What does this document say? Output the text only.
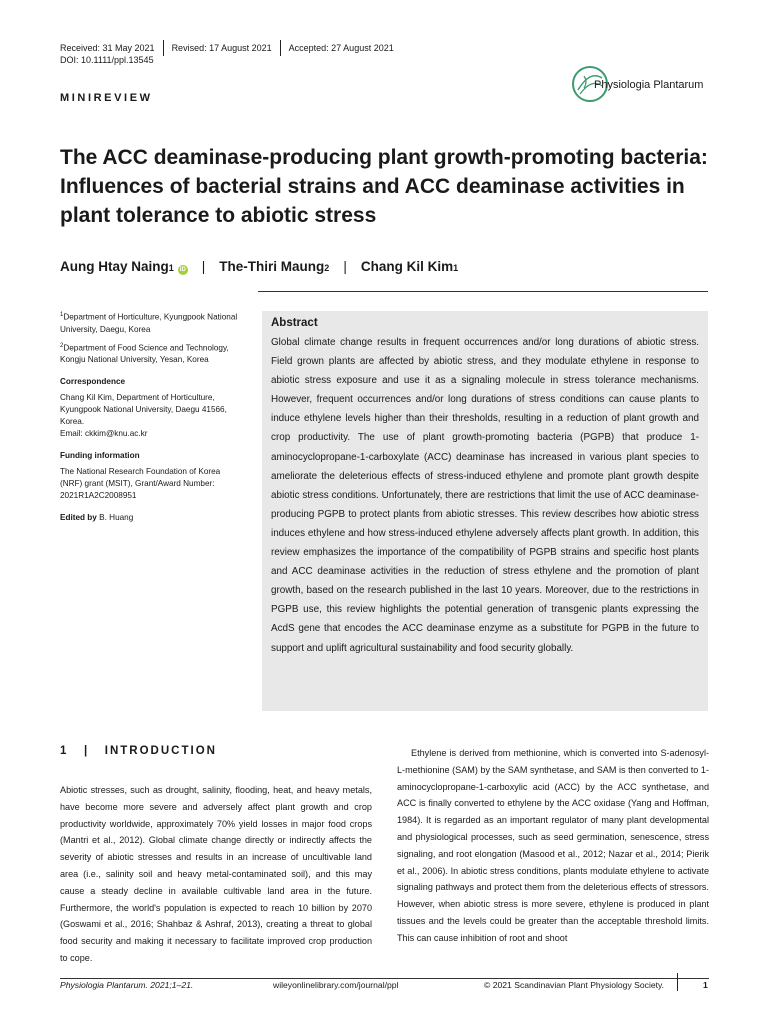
Received: 31 May 2021 Revised: 17 August 2021 Accepted: 27 August 2021
DOI: 10.1111/ppl.13545
MINIREVIEW
Physiologia Plantarum
The ACC deaminase-producing plant growth-promoting bacteria: Influences of bacterial strains and ACC deaminase activities in plant tolerance to abiotic stress
Aung Htay Naing 1	iD | The-Thiri Maung 2 | Chang Kil Kim 1

$^1$Department of Horticulture, Kyungpook National University, Daegu, Korea

$^2$Department of Food Science and Technology, Kongju National University, Yesan, Korea

Correspondence

Chang Kil Kim, Department of Horticulture,
Kyungpook National University, Daegu 41566,
Korea.
Email: ckkim@knu.ac.kr

Funding information

The National Research Foundation of Korea
(NRF) grant (MSIT), Grant/Award Number:
2021R1A2C2008951

Edited by B. Huang

Abstract
Global climate change results in frequent occurrences and/or long durations of abiotic stress. Field grown plants are affected by abiotic stress, and they modulate ethylene in response to abiotic stress exposure and use it as a signaling molecule in stress tolerance mechanisms. However, frequent occurrences and/or long durations of stress conditions can cause plants to induce ethylene levels higher than their thresholds, resulting in a reduction of plant growth and crop productivity. The use of plant growth-promoting bacteria (PGPB) that produce 1-aminocyclopropane-1-carboxylate (ACC) deaminase has increased in various plant species to ameliorate the deleterious effects of stress-induced ethylene and promote plant growth despite abiotic stress conditions. Unfortunately, there are restrictions that limit the use of ACC deaminase-producing PGPB to protect plants from abiotic stresses. This review describes how abiotic stress induces ethylene and how stress-induced ethylene adversely affects plant growth. In addition, this review emphasizes the importance of the compatibility of PGPB strains and specific host plants and ACC deaminase activities in the reduction of stress ethylene and the promotion of plant growth, based on the research published in the last 10 years. Moreover, due to the restrictions in PGPB use, this review highlights the potential generation of transgenic plants expressing the AcdS gene that encodes the ACC deaminase enzyme as a substitute for PGPB in the future to support and uplift agricultural sustainability and food security globally.
1   |   INTRODUCTION
Abiotic stresses, such as drought, salinity, flooding, heat, and heavy metals, have become more severe and adversely affect plant growth and crop productivity worldwide, approximately 70% yield losses in major food crops (Mantri et al., 2012). Global climate change directly or indirectly affects the severity of abiotic stresses and results in an increase of uncultivable land area (i.e., salinity soil and heavy metal-contaminated soil), and this may cause a steady decline in available cultivable land area in the future. Furthermore, the world's population is expected to reach 10 billion by 2070 (Goswami et al., 2016; Shahbaz & Ashraf, 2013), creating a threat to global food security and making it necessary to facilitate improved crop production to cope.
Ethylene is derived from methionine, which is converted into S-adenosyl-L-methionine (SAM) by the SAM synthetase, and SAM is then converted to 1-aminocyclopropane-1-carboxylic acid (ACC) by the ACC synthetase, and ACC is finally converted to ethylene by the ACC oxidase (Yang and Hoffman, 1984). It is regarded as an important regulator of many plant developmental and physiological processes, such as seed germination, senescence, stress signaling, and root elongation (Masood et al., 2012; Nazar et al., 2014; Pierik et al., 2006). In abiotic stress conditions, plants modulate ethylene to activate signaling pathways and protect them from the deleterious effects of stressors. However, when abiotic stress is more severe, ethylene is produced in plant tissues and the levels could be greater than the acceptable threshold limits. This can cause inhibition of root and shoot
Physiologia Plantarum. 2021;1–21.	wileyonlinelibrary.com/journal/ppl	© 2021 Scandinavian Plant Physiology Society.	1
